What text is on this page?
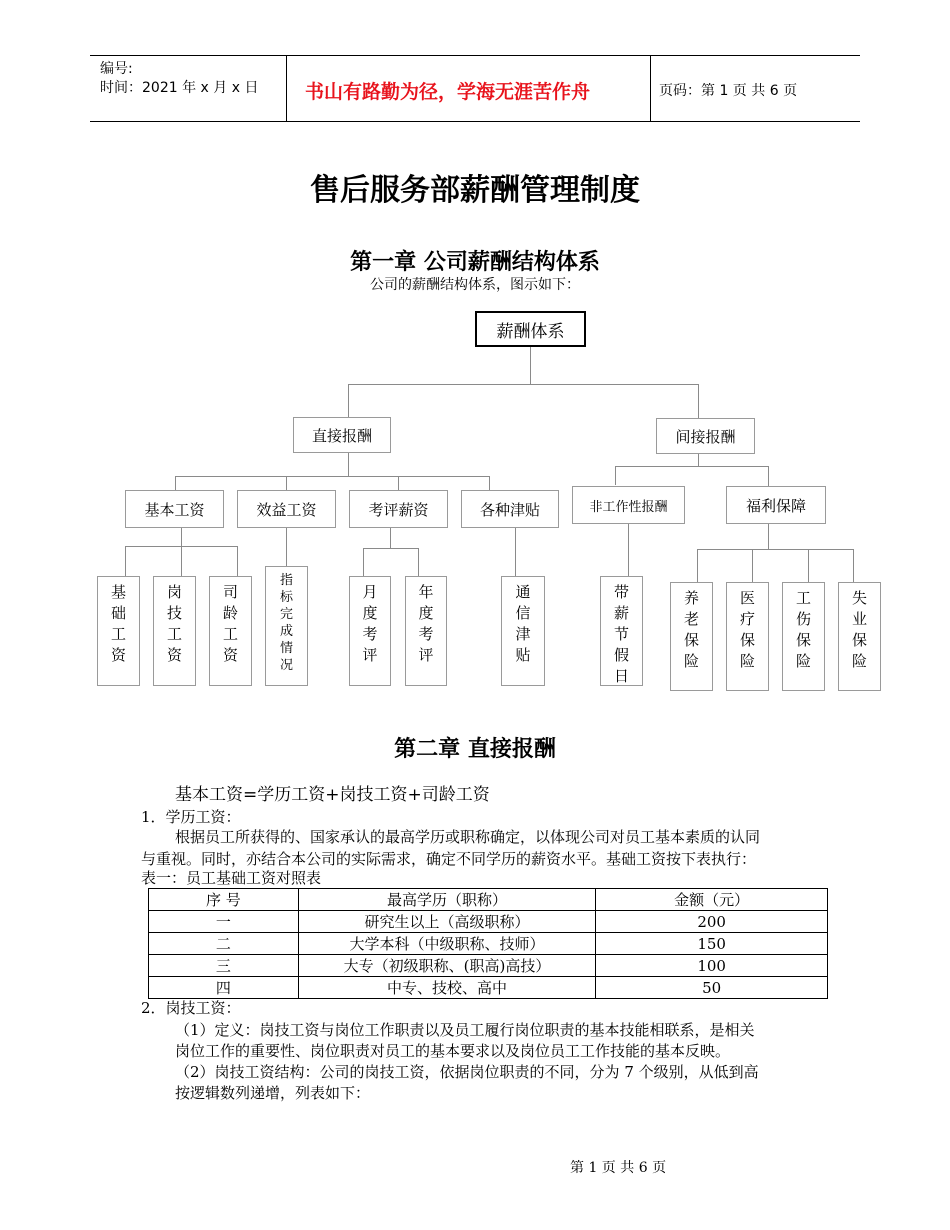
编号:
时间：2021 年 x 月 x 日 书山有路勤为径，学海无涯苦作舟	页码：第 1 页 共 6 页
售后服务部薪酬管理制度
第一章 公司薪酬结构体系
公司的薪酬结构体系，图示如下：
薪酬体系
直接报酬	间接报酬
基本工资	效益工资	考评薪资	各种津贴	非工作性报酬	福利保障
基
础
工
资
岗
技
工
资
司
龄
工
资
指
标
完
成
情
况
月
度
考
评
年
度
考
评
通
信
津
贴
带
薪
节
假
日
养
老
保
险
医
疗
保
险
工
伤
保
险
失
业
保
险
第二章 直接报酬
基本工资=学历工资+岗技工资+司龄工资
1．学历工资：
根据员工所获得的、国家承认的最高学历或职称确定，以体现公司对员工基本素质的认同
与重视。同时，亦结合本公司的实际需求，确定不同学历的薪资水平。基础工资按下表执行：
表一：员工基础工资对照表
序 号	最高学历（职称）	金额（元）
一	研究生以上（高级职称）	200
二	大学本科（中级职称、技师）	150
三	大专（初级职称、(职高)高技）	100
四	中专、技校、高中	50
2．岗技工资：
（1）定义：岗技工资与岗位工作职责以及员工履行岗位职责的基本技能相联系，是相关
岗位工作的重要性、岗位职责对员工的基本要求以及岗位员工工作技能的基本反映。
（2）岗技工资结构：公司的岗技工资，依据岗位职责的不同，分为 7 个级别，从低到高
按逻辑数列递增，列表如下：
第 1 页 共 6 页
